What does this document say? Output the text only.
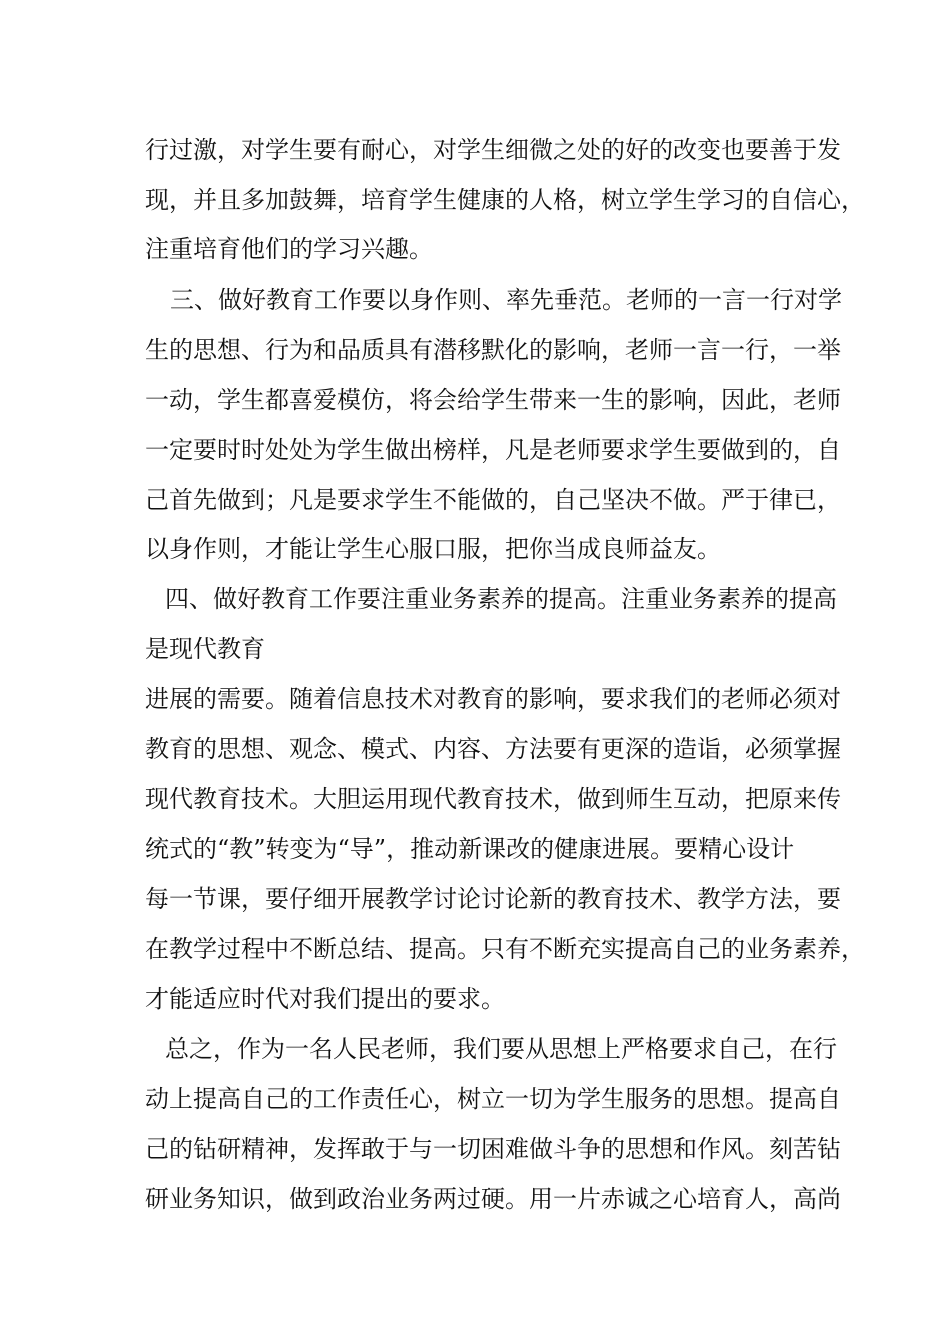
行过激，对学生要有耐心，对学生细微之处的好的改变也要善于发
现，并且多加鼓舞，培育学生健康的人格，树立学生学习的自信心，
注重培育他们的学习兴趣。
三、做好教育工作要以身作则、率先垂范。老师的一言一行对学
生的思想、行为和品质具有潜移默化的影响，老师一言一行，一举
一动，学生都喜爱模仿，将会给学生带来一生的影响，因此，老师
一定要时时处处为学生做出榜样，凡是老师要求学生要做到的，自
己首先做到；凡是要求学生不能做的，自己坚决不做。严于律已，
以身作则，才能让学生心服口服，把你当成良师益友。
四、做好教育工作要注重业务素养的提高。注重业务素养的提高
是现代教育
进展的需要。随着信息技术对教育的影响，要求我们的老师必须对
教育的思想、观念、模式、内容、方法要有更深的造诣，必须掌握
现代教育技术。大胆运用现代教育技术，做到师生互动，把原来传
统式的“教”转变为“导”，推动新课改的健康进展。要精心设计
每一节课，要仔细开展教学讨论讨论新的教育技术、教学方法，要
在教学过程中不断总结、提高。只有不断充实提高自己的业务素养，
才能适应时代对我们提出的要求。
总之，作为一名人民老师，我们要从思想上严格要求自己，在行
动上提高自己的工作责任心，树立一切为学生服务的思想。提高自
己的钻研精神，发挥敢于与一切困难做斗争的思想和作风。刻苦钻
研业务知识，做到政治业务两过硬。用一片赤诚之心培育人，高尚
